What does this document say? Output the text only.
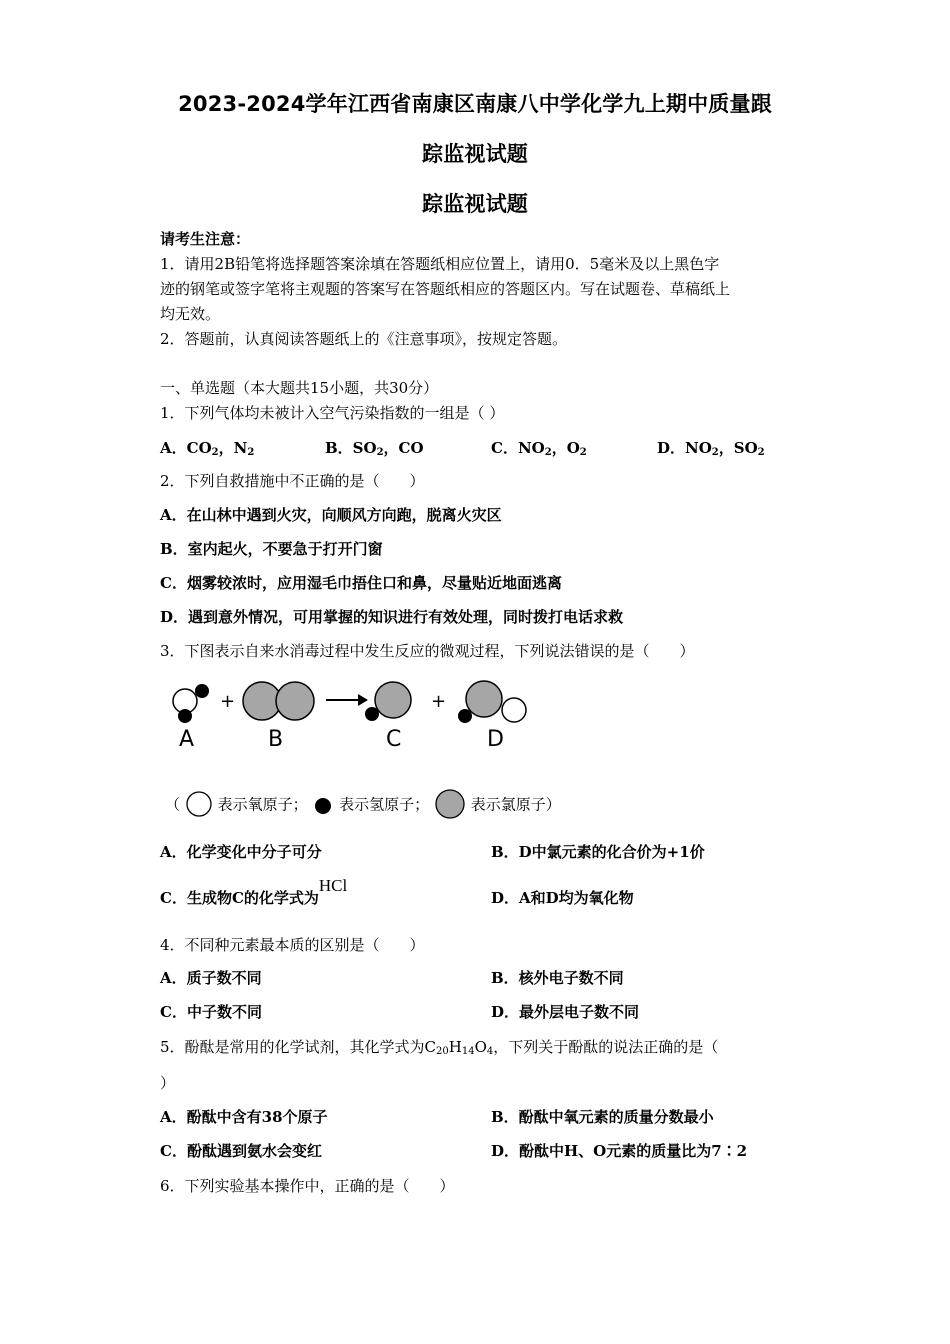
2023-2024学年江西省南康区南康八中学化学九上期中质量跟
踪监视试题
踪监视试题
请考生注意：
1．请用2B铅笔将选择题答案涂填在答题纸相应位置上，请用0．5毫米及以上黑色字
迹的钢笔或签字笔将主观题的答案写在答题纸相应的答题区内。写在试题卷、草稿纸上
均无效。
2．答题前，认真阅读答题纸上的《注意事项》，按规定答题。
一、单选题（本大题共15小题，共30分）
1．下列气体均未被计入空气污染指数的一组是（ ）
A．$CO_2$，$N_2$	B．$SO_2$，CO	C．$NO_2$，$O_2$	D．$NO_2$，$SO_2$
2．下列自救措施中不正确的是（　　）
A．在山林中遇到火灾，向顺风方向跑，脱离火灾区
B．室内起火，不要急于打开门窗
C．烟雾较浓时，应用湿毛巾捂住口和鼻，尽量贴近地面逃离
D．遇到意外情况，可用掌握的知识进行有效处理，同时拨打电话求救
3．下图表示自来水消毒过程中发生反应的微观过程，下列说法错误的是（　　）
+	+
A	B	C	D
（	表示氧原子； 表示氢原子；	表示氯原子）
A．化学变化中分子可分	B．D中氯元素的化合价为+1价
C．生成物C的化学式为HCl
D．A和D均为氧化物
4．不同种元素最本质的区别是（　　）
A．质子数不同	B．核外电子数不同
C．中子数不同	D．最外层电子数不同
5．酚酞是常用的化学试剂，其化学式为$C_{20}H_{14}O_4$，下列关于酚酞的说法正确的是（
）
A．酚酞中含有38个原子	B．酚酞中氧元素的质量分数最小
C．酚酞遇到氨水会变红	D．酚酞中H、O元素的质量比为7∶2
6．下列实验基本操作中，正确的是（　　）
